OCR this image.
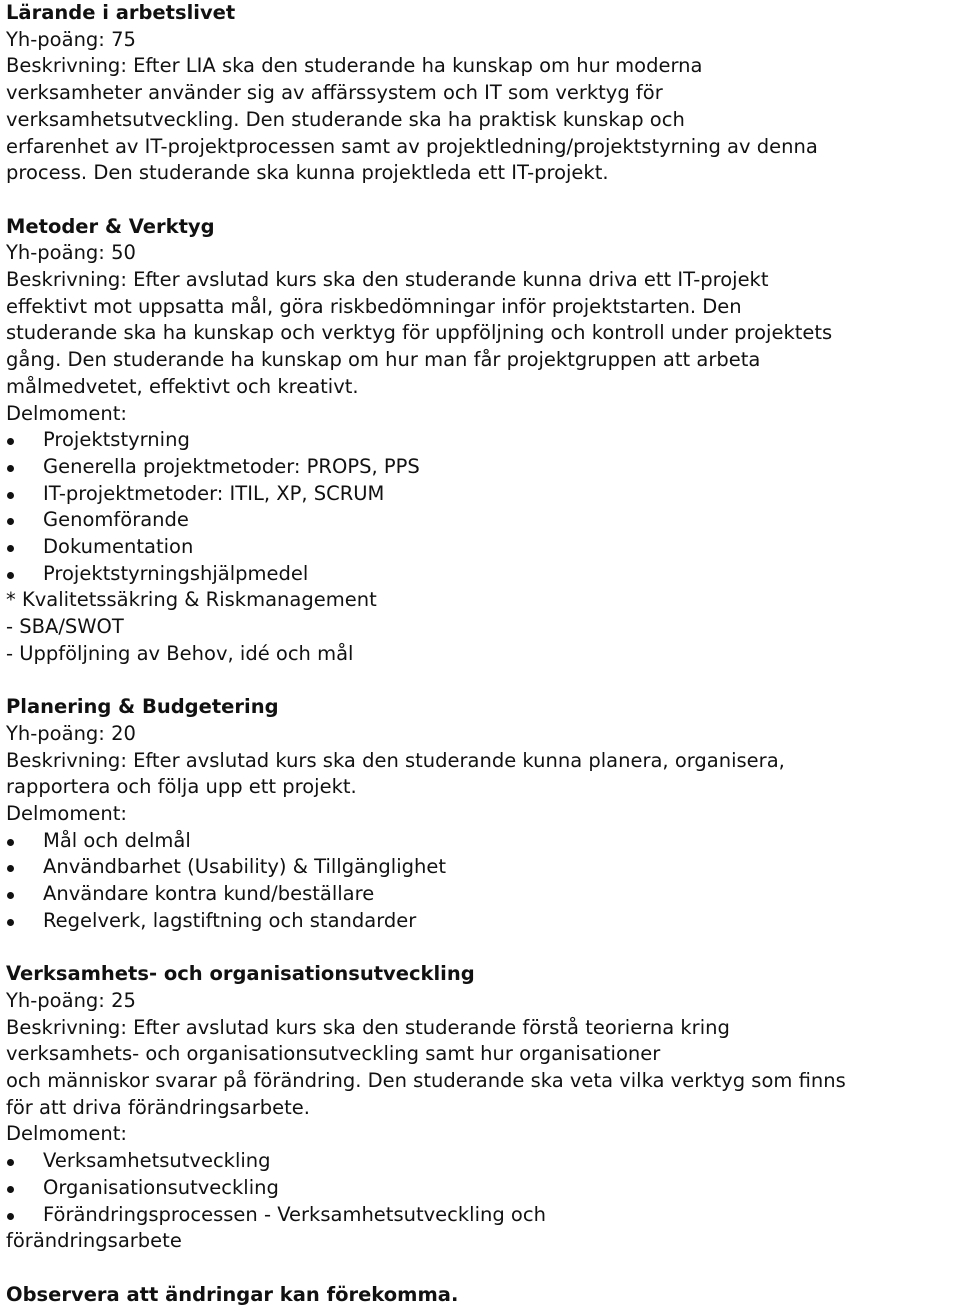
Lärande i arbetslivet
Yh-poäng: 75
Beskrivning: Efter LIA ska den studerande ha kunskap om hur moderna
verksamheter använder sig av affärssystem och IT som verktyg för
verksamhetsutveckling. Den studerande ska ha praktisk kunskap och
erfarenhet av IT-projektprocessen samt av projektledning/projektstyrning av denna
process. Den studerande ska kunna projektleda ett IT-projekt.
Metoder & Verktyg
Yh-poäng: 50
Beskrivning: Efter avslutad kurs ska den studerande kunna driva ett IT-projekt
effektivt mot uppsatta mål, göra riskbedömningar inför projektstarten. Den
studerande ska ha kunskap och verktyg för uppföljning och kontroll under projektets
gång. Den studerande ha kunskap om hur man får projektgruppen att arbeta
målmedvetet, effektivt och kreativt.
Delmoment:
Projektstyrning
Generella projektmetoder: PROPS, PPS
IT-projektmetoder: ITIL, XP, SCRUM
Genomförande
Dokumentation
Projektstyrningshjälpmedel
* Kvalitetssäkring & Riskmanagement
- SBA/SWOT
- Uppföljning av Behov, idé och mål
Planering & Budgetering
Yh-poäng: 20
Beskrivning: Efter avslutad kurs ska den studerande kunna planera, organisera,
rapportera och följa upp ett projekt.
Delmoment:
Mål och delmål
Användbarhet (Usability) & Tillgänglighet
Användare kontra kund/beställare
Regelverk, lagstiftning och standarder
Verksamhets- och organisationsutveckling
Yh-poäng: 25
Beskrivning: Efter avslutad kurs ska den studerande förstå teorierna kring
verksamhets- och organisationsutveckling samt hur organisationer
och människor svarar på förändring. Den studerande ska veta vilka verktyg som finns
för att driva förändringsarbete.
Delmoment:
Verksamhetsutveckling
Organisationsutveckling
Förändringsprocessen - Verksamhetsutveckling och
förändringsarbete
Observera att ändringar kan förekomma.
